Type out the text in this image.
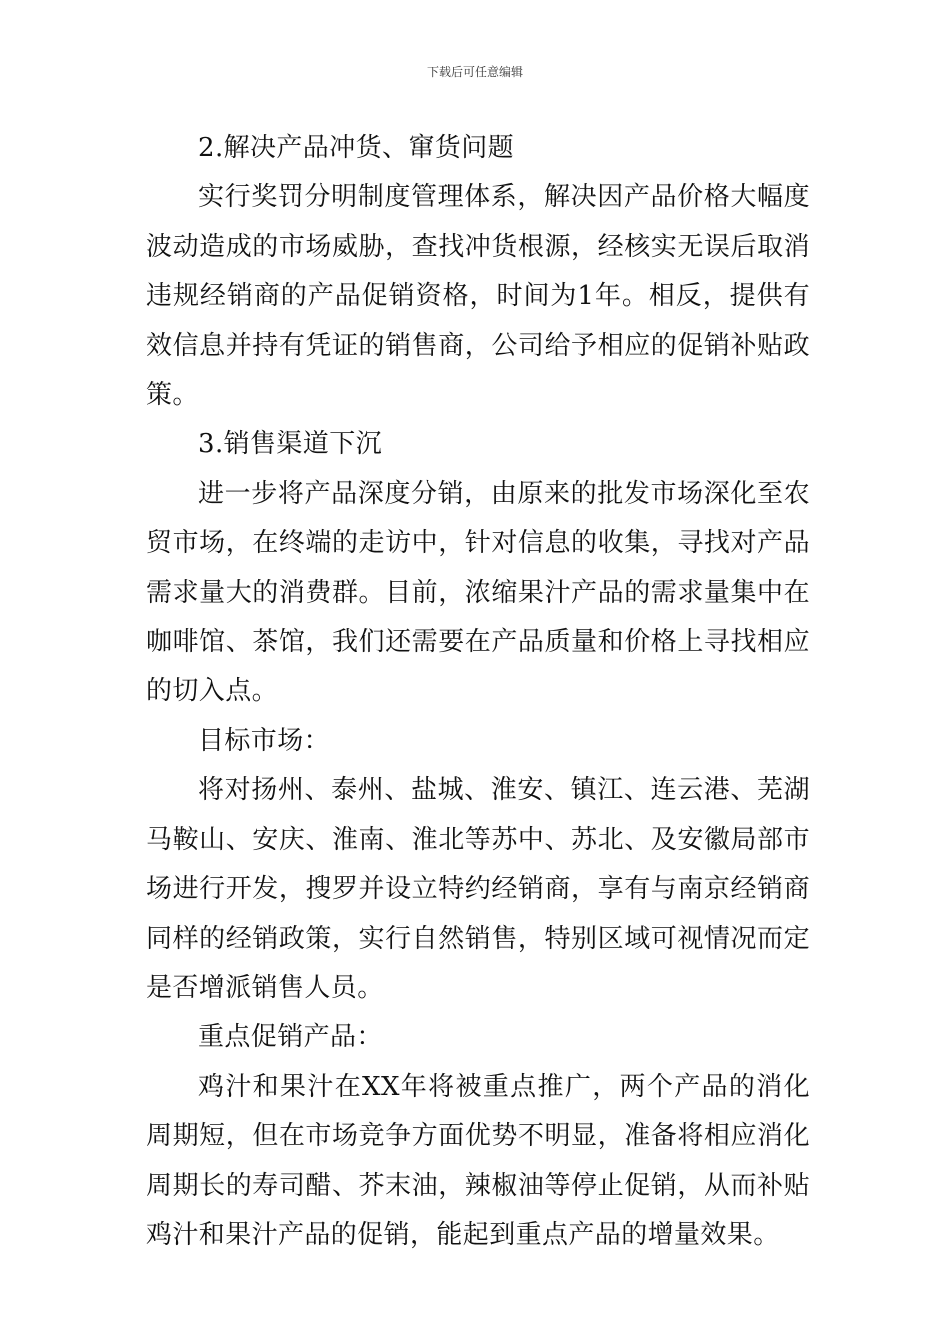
下载后可任意编辑

2.解决产品冲货、窜货问题

实行奖罚分明制度管理体系，解决因产品价格大幅度波动造成的市场威胁，查找冲货根源，经核实无误后取消违规经销商的产品促销资格，时间为1年。相反，提供有效信息并持有凭证的销售商，公司给予相应的促销补贴政策。

3.销售渠道下沉

进一步将产品深度分销，由原来的批发市场深化至农贸市场，在终端的走访中，针对信息的收集，寻找对产品需求量大的消费群。目前，浓缩果汁产品的需求量集中在咖啡馆、茶馆，我们还需要在产品质量和价格上寻找相应的切入点。

目标市场：

将对扬州、泰州、盐城、淮安、镇江、连云港、芜湖马鞍山、安庆、淮南、淮北等苏中、苏北、及安徽局部市场进行开发，搜罗并设立特约经销商，享有与南京经销商同样的经销政策，实行自然销售，特别区域可视情况而定是否增派销售人员。

重点促销产品：

鸡汁和果汁在XX年将被重点推广，两个产品的消化周期短，但在市场竞争方面优势不明显，准备将相应消化周期长的寿司醋、芥末油，辣椒油等停止促销，从而补贴鸡汁和果汁产品的促销，能起到重点产品的增量效果。
